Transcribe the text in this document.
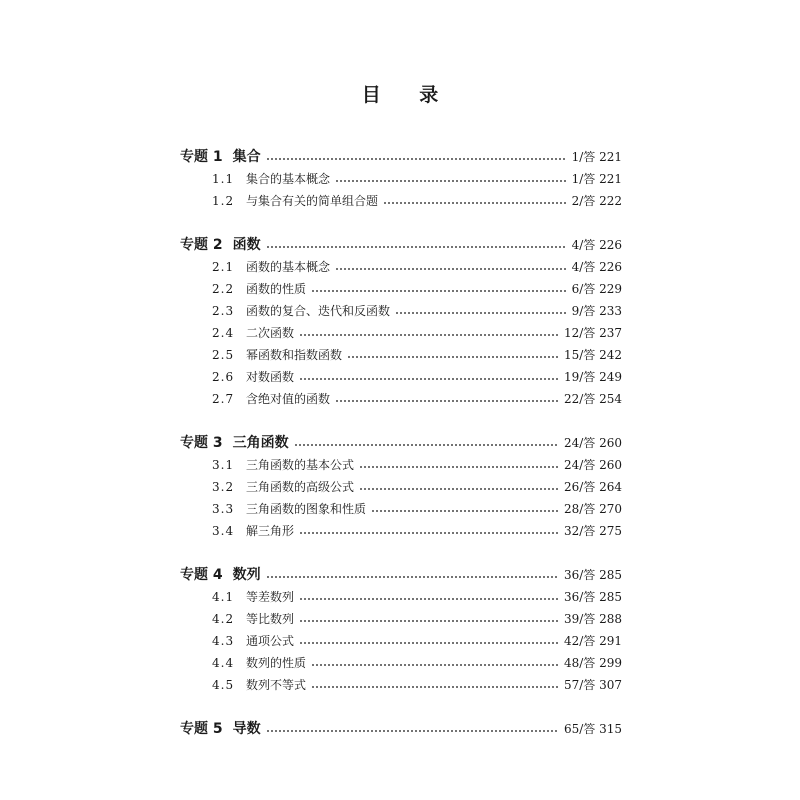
目 录
专题 1 集合	1/答 221
1.1 集合的基本概念	1/答 221
1.2 与集合有关的简单组合题	2/答 222
专题 2 函数	4/答 226
2.1 函数的基本概念	4/答 226
2.2 函数的性质	6/答 229
2.3 函数的复合、迭代和反函数	9/答 233
2.4 二次函数	12/答 237
2.5 幂函数和指数函数	15/答 242
2.6 对数函数	19/答 249
2.7 含绝对值的函数	22/答 254
专题 3 三角函数	24/答 260
3.1 三角函数的基本公式	24/答 260
3.2 三角函数的高级公式	26/答 264
3.3 三角函数的图象和性质	28/答 270
3.4 解三角形	32/答 275
专题 4 数列	36/答 285
4.1 等差数列	36/答 285
4.2 等比数列	39/答 288
4.3 通项公式	42/答 291
4.4 数列的性质	48/答 299
4.5 数列不等式	57/答 307
专题 5 导数	65/答 315
